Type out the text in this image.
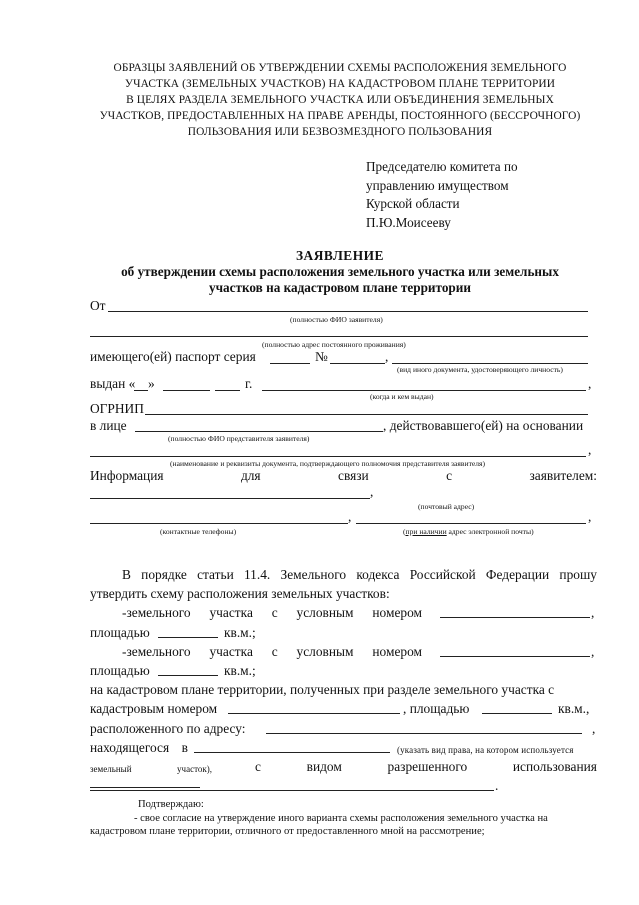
ОБРАЗЦЫ ЗАЯВЛЕНИЙ ОБ УТВЕРЖДЕНИИ СХЕМЫ РАСПОЛОЖЕНИЯ ЗЕМЕЛЬНОГО
УЧАСТКА (ЗЕМЕЛЬНЫХ УЧАСТКОВ) НА КАДАСТРОВОМ ПЛАНЕ ТЕРРИТОРИИ
В ЦЕЛЯХ РАЗДЕЛА ЗЕМЕЛЬНОГО УЧАСТКА ИЛИ ОБЪЕДИНЕНИЯ ЗЕМЕЛЬНЫХ
УЧАСТКОВ, ПРЕДОСТАВЛЕННЫХ НА ПРАВЕ АРЕНДЫ, ПОСТОЯННОГО (БЕССРОЧНОГО)
ПОЛЬЗОВАНИЯ ИЛИ БЕЗВОЗМЕЗДНОГО ПОЛЬЗОВАНИЯ
Председателю комитета по
управлению имуществом
Курской области
П.Ю.Моисееву
ЗАЯВЛЕНИЕ
об утверждении схемы расположения земельного участка или земельных
участков на кадастровом плане территории
От
(полностью ФИО заявителя)
(полностью адрес постоянного проживания)
имеющего(ей) паспорт серия	№	,
(вид иного документа, удостоверяющего личность)
выдан « »	г.	,
(когда и кем выдан)
ОГРНИП
в лице	, действовавшего(ей) на основании
(полностью ФИО представителя заявителя)
,
(наименование и реквизиты документа, подтверждающего полномочия представителя заявителя)
Информация	для	связи	с	заявителем:
,
(почтовый адрес)
,	,
(контактные телефоны)	(при наличии адрес электронной почты)
В порядке статьи 11.4. Земельного кодекса Российской Федерации прошу
утвердить схему расположения земельных участков:
-земельного участка с условным номером	,
площадью	кв.м.;
-земельного участка с условным номером	,
площадью	кв.м.;
на кадастровом плане территории, полученных при разделе земельного участка с
кадастровым номером	, площадью	кв.м.,
расположенного по адресу:	,
находящегося в	(указать вид права, на котором используется
земельный	участок),	с	видом	разрешенного	использования
.
Подтверждаю:
- свое согласие на утверждение иного варианта схемы расположения земельного участка на
кадастровом плане территории, отличного от предоставленного мной на рассмотрение;
